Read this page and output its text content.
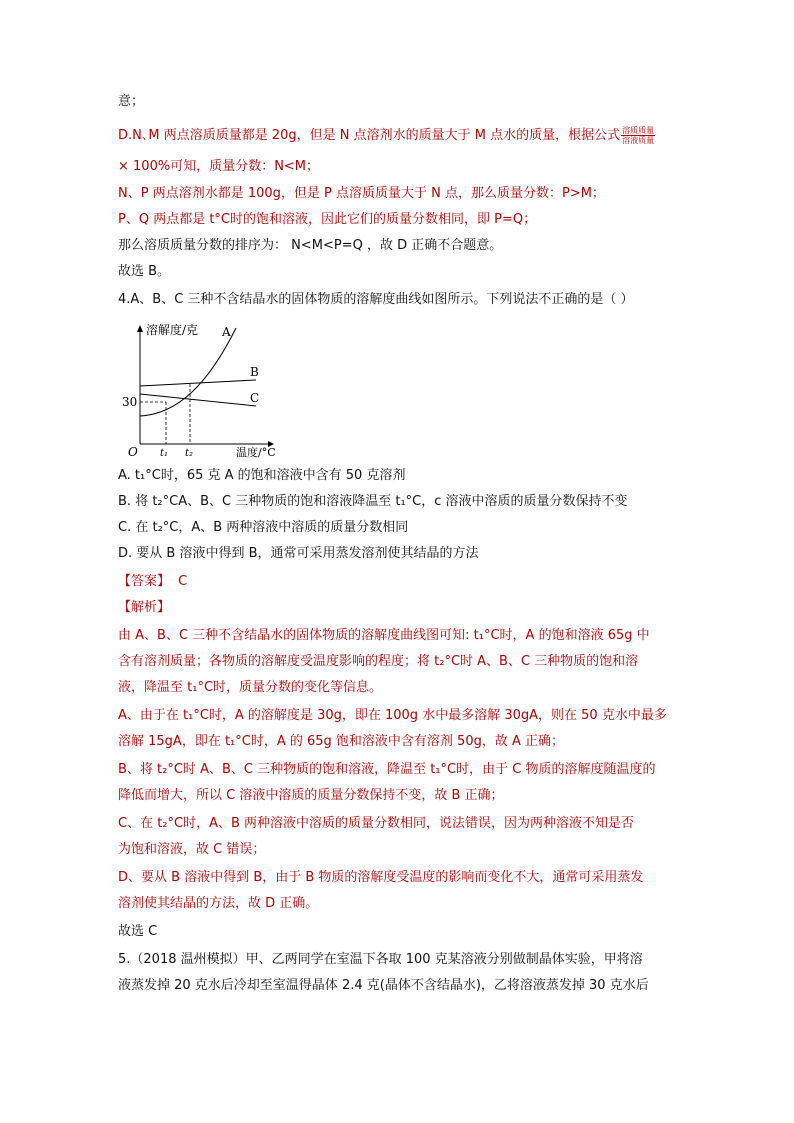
意；
D.N､M 两点溶质质量都是 20g，但是 N 点溶剂水的质量大于 M 点水的质量，根据公式 $\frac{\text{溶质质量}}{\text{溶液质量}}$
× 100%可知，质量分数：N<M；
N、P 两点溶剂水都是 100g，但是 P 点溶质质量大于 N 点，那么质量分数：P>M；
P、Q 两点都是 t°C时的饱和溶液，因此它们的质量分数相同，即 P=Q；
那么溶质质量分数的排序为： N<M<P=Q ，故 D 正确不合题意。
故选 B。
4.A、B、C 三种不含结晶水的固体物质的溶解度曲线如图所示。下列说法不正确的是（ ）
溶解度/克
温度/°C
O
30
t₁ t₂
A
B
C
A. t₁°C时，65 克 A 的饱和溶液中含有 50 克溶剂
B. 将 t₂°CA、B、C 三种物质的饱和溶液降温至 t₁°C，c 溶液中溶质的质量分数保持不变
C. 在 t₂°C，A、B 两种溶液中溶质的质量分数相同
D. 要从 B 溶液中得到 B，通常可采用蒸发溶剂使其结晶的方法
【答案】 C
【解析】
由 A、B、C 三种不含结晶水的固体物质的溶解度曲线图可知: t₁°C时，A 的饱和溶液 65g 中
含有溶剂质量；各物质的溶解度受温度影响的程度；将 t₂°C时 A、B、C 三种物质的饱和溶
液，降温至 t₁°C时，质量分数的变化等信息。
A、由于在 t₁°C时，A 的溶解度是 30g，即在 100g 水中最多溶解 30gA，则在 50 克水中最多
溶解 15gA，即在 t₁°C时，A 的 65g 饱和溶液中含有溶剂 50g，故 A 正确；
B、将 t₂°C时 A、B、C 三种物质的饱和溶液，降温至 t₁°C时，由于 C 物质的溶解度随温度的
降低而增大，所以 C 溶液中溶质的质量分数保持不变，故 B 正确；
C、在 t₂°C时，A、B 两种溶液中溶质的质量分数相同，说法错误，因为两种溶液不知是否
为饱和溶液，故 C 错误；
D、要从 B 溶液中得到 B，由于 B 物质的溶解度受温度的影响而变化不大，通常可采用蒸发
溶剂使其结晶的方法，故 D 正确。
故选 C
5.（2018 温州模拟）甲、乙两同学在室温下各取 100 克某溶液分别做制晶体实验，甲将溶
液蒸发掉 20 克水后冷却至室温得晶体 2.4 克(晶体不含结晶水)，乙将溶液蒸发掉 30 克水后
